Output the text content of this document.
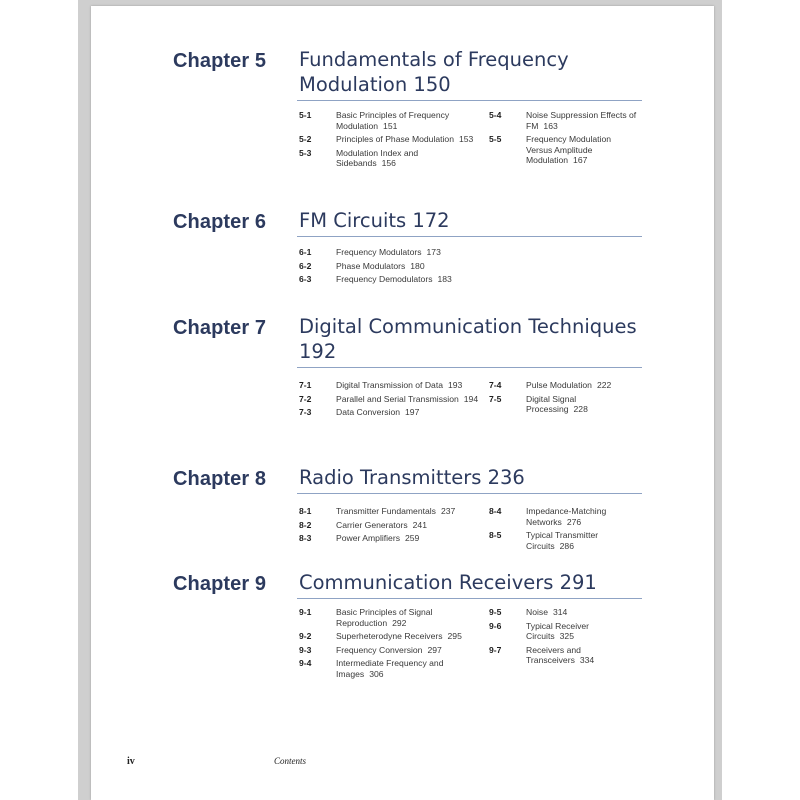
Chapter 5 Fundamentals of Frequency Modulation 150
5-1	Basic Principles of Frequency Modulation 151
5-2	Principles of Phase Modulation 153
5-3	Modulation Index and Sidebands 156
5-4	Noise Suppression Effects of FM 163
5-5	Frequency Modulation Versus Amplitude Modulation 167
Chapter 6 FM Circuits 172
6-1	Frequency Modulators 173
6-2	Phase Modulators 180
6-3	Frequency Demodulators 183
Chapter 7 Digital Communication Techniques 192
7-1	Digital Transmission of Data 193
7-2	Parallel and Serial Transmission 194
7-3	Data Conversion 197
7-4	Pulse Modulation 222
7-5	Digital Signal Processing 228
Chapter 8 Radio Transmitters 236
8-1	Transmitter Fundamentals 237
8-2	Carrier Generators 241
8-3	Power Amplifiers 259
8-4	Impedance-Matching Networks 276
8-5	Typical Transmitter Circuits 286
Chapter 9 Communication Receivers 291
9-1	Basic Principles of Signal Reproduction 292
9-2	Superheterodyne Receivers 295
9-3	Frequency Conversion 297
9-4	Intermediate Frequency and Images 306
9-5	Noise 314
9-6	Typical Receiver Circuits 325
9-7	Receivers and Transceivers 334
iv	Contents
